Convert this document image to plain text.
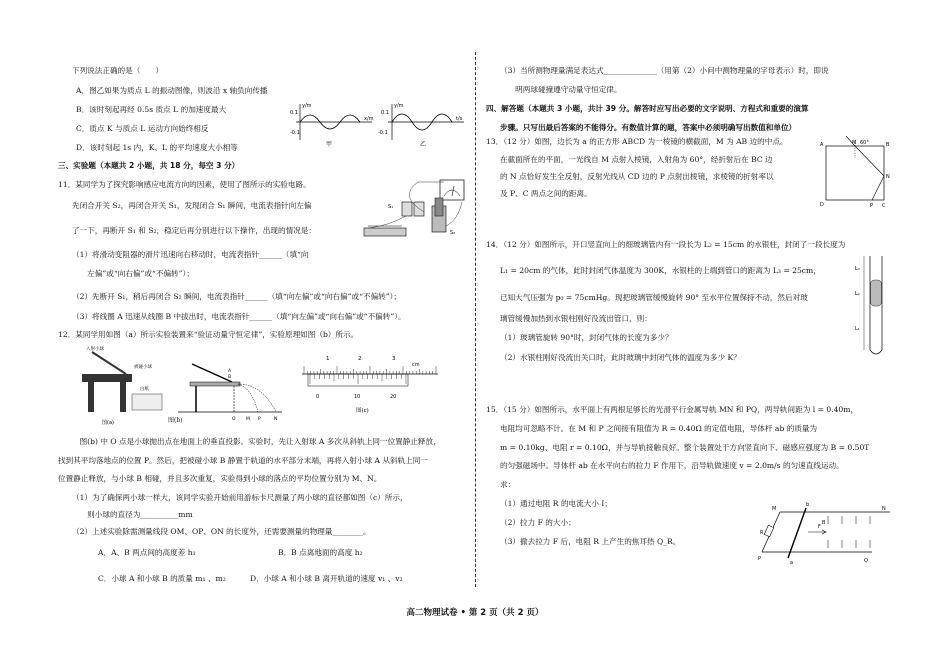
下列说法正确的是（　　）
A．图乙如果为质点 L 的振动图像，则波沿 x 轴负向传播
B．该时刻起再经 0.5s 质点 L 的加速度最大
C．质点 K 与质点 L 运动方向始终相反
D．该时刻起 1s 内，K、L 的平均速度大小相等
y/m
0.1
-0.1
x/m
甲
y/m
0.1
-0.1
t/s
乙
三、实验题（本题共 2 小题，共 18 分，每空 3 分）
11．某同学为了探究影响感应电流方向的因素，使用了图所示的实验电路。
先闭合开关 S₂，再闭合开关 S₁，发现闭合 S₁ 瞬间，电流表指针向左偏
了一下，再断开 S₁ 和 S₂，稳定后再分别进行以下操作，出现的情况是：
（1）将滑动变阻器的滑片迅速向右移动时，电流表指针______（填“向
　　左偏”或“向右偏”或“不偏转”）；
（2）先断开 S₁，稍后再闭合 S₂ 瞬间，电流表指针______（填“向左偏”或“向右偏”或“不偏转”）；
（3）将线圈 A 迅速从线圈 B 中拔出时，电流表指针______（填“向左偏”或“向右偏”或“不偏转”）。
S₂
S₁
12．某同学用如图（a）所示实验装置来“验证动量守恒定律”，实验原理如图（b）所示。
入射小球
被碰小球
白纸
图(a)
A
B
O M P	N
1	2	3
cm
0	10	20
图(c)
图(b)
　图(b) 中 O 点是小球抛出点在地面上的垂直投影。实验时，先让入射球 A 多次从斜轨上同一位置静止释放，
找到其平均落地点的位置 P。然后，把被碰小球 B 静置于轨道的水平部分末端，再将入射小球 A 从斜轨上同一
位置静止释放，与小球 B 相碰，并且多次重复，实验得到小球的落点的平均位置分别为 M、N。
（1）为了确保两小球一样大，该同学实验开始前用游标卡尺测量了两小球的直径都如图（c）所示，
　　则小球的直径为__________mm
（2）上述实验除需测量线段 OM、OP、ON 的长度外，还需要测量的物理量________。
A．A、B 两点间的高度差 h₁	B．B 点离地面的高度 h₂
C．小球 A 和小球 B 的质量 m₁ 、m₂	D．小球 A 和小球 B 离开轨道的速度 v₁ 、v₂
（3）当所测物理量满足表达式______________（用第（2）小问中测物理量的字母表示）时，即说
　　明两球碰撞遵守动量守恒定律。
四、解答题（本题共 3 小题，共计 39 分。解答时应写出必要的文字说明、方程式和重要的演算
步骤。只写出最后答案的不能得分。有数值计算的题，答案中必须明确写出数值和单位）
13．（12 分）如图，边长为 a 的正方形 ABCD 为一棱镜的横截面，M 为 AB 边的中点。
在截面所在的平面，一光线自 M 点射入棱镜，入射角为 60°，经折射后在 BC 边
的 N 点恰好发生全反射，反射光线从 CD 边的 P 点射出棱镜，求棱镜的折射率以
及 P、C 两点之间的距离。
60°
A	M	B
N
D	P C
14．（12 分）如图所示，开口竖直向上的细玻璃管内有一段长为 L₂ = 15cm 的水银柱，封闭了一段长度为
L₁ = 20cm 的气体，此时封闭气体温度为 300K，水银柱的上端到管口的距离为 L₃ = 25cm，
已知大气压强为 p₀ = 75cmHg。现把玻璃管缓慢旋转 90° 至水平位置保持不动，然后对玻
璃管缓慢加热到水银柱刚好没流出管口，则：
（1）玻璃管旋转 90°时，封闭气体的长度为多少？
（2）水银柱刚好没流出关口时，此时玻璃中封闭气体的温度为多少 K？
L₃
L₂
L₁
15．（15 分）如图所示，水平面上有两根足够长的光滑平行金属导轨 MN 和 PQ，两导轨间距为 l = 0.40m，
电阻均可忽略不计。在 M 和 P 之间接有阻值为 R = 0.40Ω 的定值电阻，导体杆 ab 的质量为
m = 0.10kg、电阻 r = 0.10Ω，并与导轨接触良好。整个装置处于方向竖直向下、磁感应强度为 B = 0.50T
的匀强磁场中。导体杆 ab 在水平向右的拉力 F 作用下，沿导轨做速度 v = 2.0m/s 的匀速直线运动。
求：
（1）通过电阻 R 的电流大小 I；
（2）拉力 F 的大小；
（3）撤去拉力 F 后，电阻 R 上产生的焦耳热 Q_R。
M
P
b
a
R
F
B
N
Q
高二物理试卷 • 第 2 页（共 2 页）
